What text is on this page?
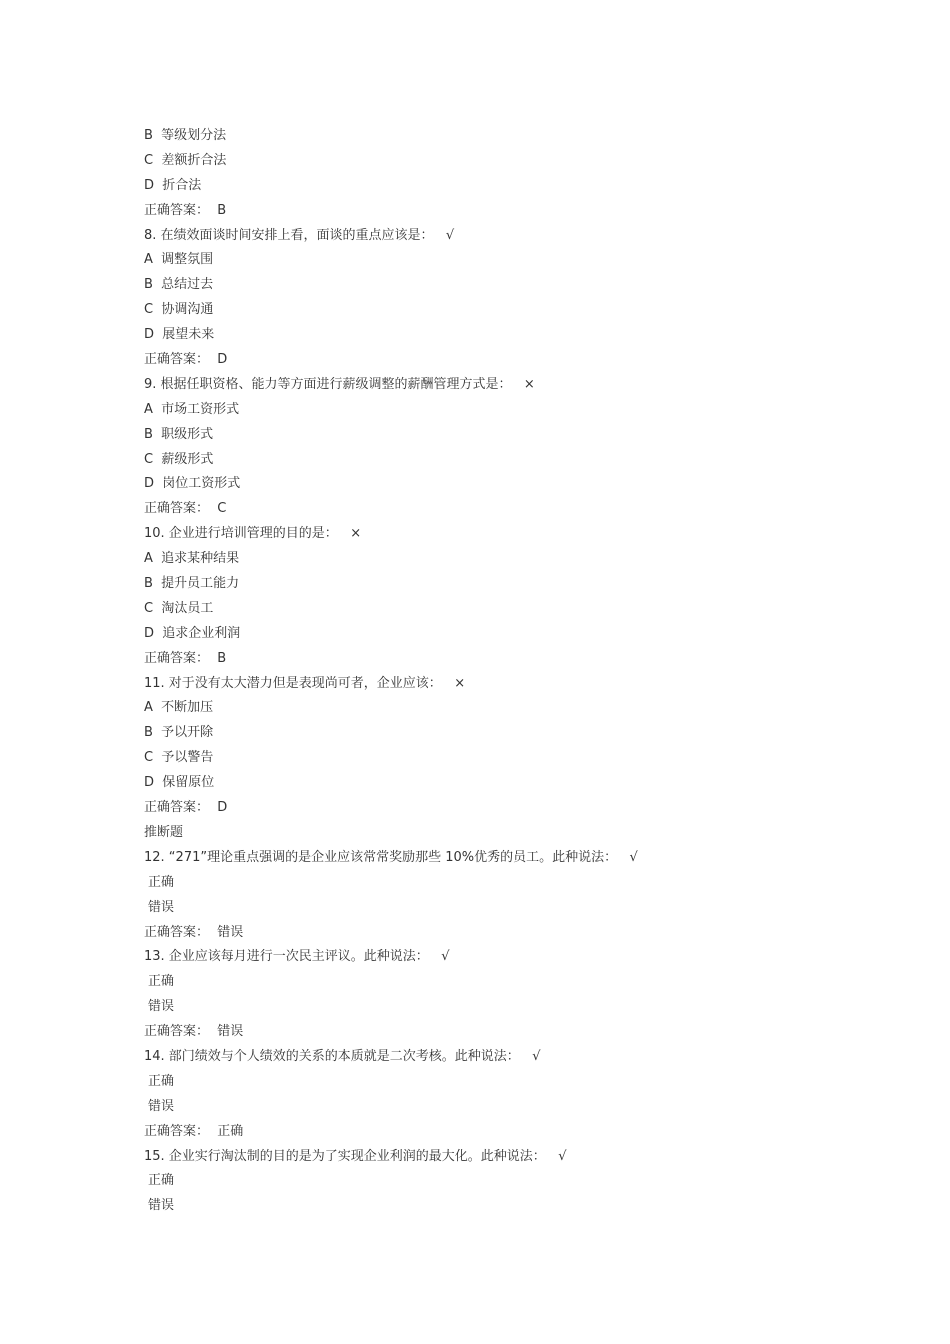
B  等级划分法
C  差额折合法
D  折合法
正确答案：  B
8. 在绩效面谈时间安排上看，面谈的重点应该是：   √
A  调整氛围
B  总结过去
C  协调沟通
D  展望未来
正确答案：  D
9. 根据任职资格、能力等方面进行薪级调整的薪酬管理方式是：   ×
A  市场工资形式
B  职级形式
C  薪级形式
D  岗位工资形式
正确答案：  C
10. 企业进行培训管理的目的是：   ×
A  追求某种结果
B  提升员工能力
C  淘汰员工
D  追求企业利润
正确答案：  B
11. 对于没有太大潜力但是表现尚可者，企业应该：   ×
A  不断加压
B  予以开除
C  予以警告
D  保留原位
正确答案：  D
推断题
12. “271”理论重点强调的是企业应该常常奖励那些 10%优秀的员工。此种说法：   √
正确
错误
正确答案：  错误
13. 企业应该每月进行一次民主评议。此种说法：   √
正确
错误
正确答案：  错误
14. 部门绩效与个人绩效的关系的本质就是二次考核。此种说法：   √
正确
错误
正确答案：  正确
15. 企业实行淘汰制的目的是为了实现企业利润的最大化。此种说法：   √
正确
错误
